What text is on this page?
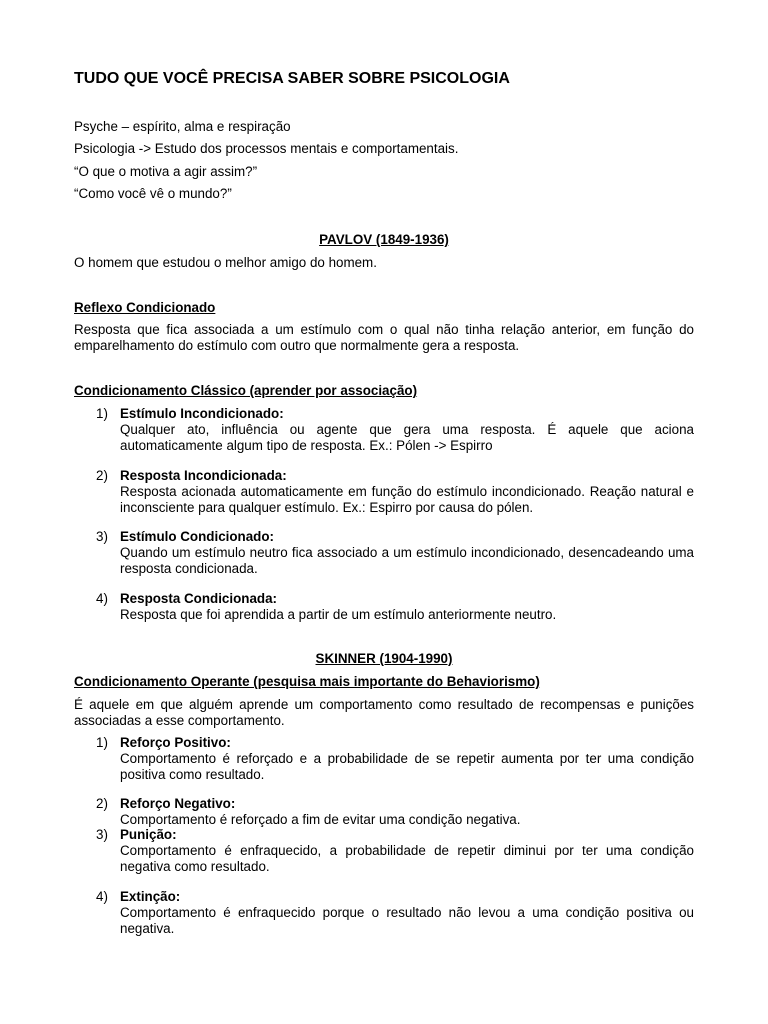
TUDO QUE VOCÊ PRECISA SABER SOBRE PSICOLOGIA

Psyche – espírito, alma e respiração

Psicologia -> Estudo dos processos mentais e comportamentais.

“O que o motiva a agir assim?”

“Como você vê o mundo?”

PAVLOV (1849-1936)

O homem que estudou o melhor amigo do homem.

Reflexo Condicionado

Resposta que fica associada a um estímulo com o qual não tinha relação anterior, em função do emparelhamento do estímulo com outro que normalmente gera a resposta.

Condicionamento Clássico (aprender por associação)

1) Estímulo Incondicionado:
Qualquer ato, influência ou agente que gera uma resposta. É aquele que aciona automaticamente algum tipo de resposta. Ex.: Pólen -> Espirro
2) Resposta Incondicionada:
Resposta acionada automaticamente em função do estímulo incondicionado. Reação natural e inconsciente para qualquer estímulo. Ex.: Espirro por causa do pólen.
3) Estímulo Condicionado:
Quando um estímulo neutro fica associado a um estímulo incondicionado, desencadeando uma resposta condicionada.
4) Resposta Condicionada:
Resposta que foi aprendida a partir de um estímulo anteriormente neutro.

SKINNER (1904-1990)

Condicionamento Operante (pesquisa mais importante do Behaviorismo)

É aquele em que alguém aprende um comportamento como resultado de recompensas e punições associadas a esse comportamento.

1) Reforço Positivo:
Comportamento é reforçado e a probabilidade de se repetir aumenta por ter uma condição positiva como resultado.
2) Reforço Negativo:
Comportamento é reforçado a fim de evitar uma condição negativa.
3) Punição:
Comportamento é enfraquecido, a probabilidade de repetir diminui por ter uma condição negativa como resultado.
4) Extinção:
Comportamento é enfraquecido porque o resultado não levou a uma condição positiva ou negativa.
